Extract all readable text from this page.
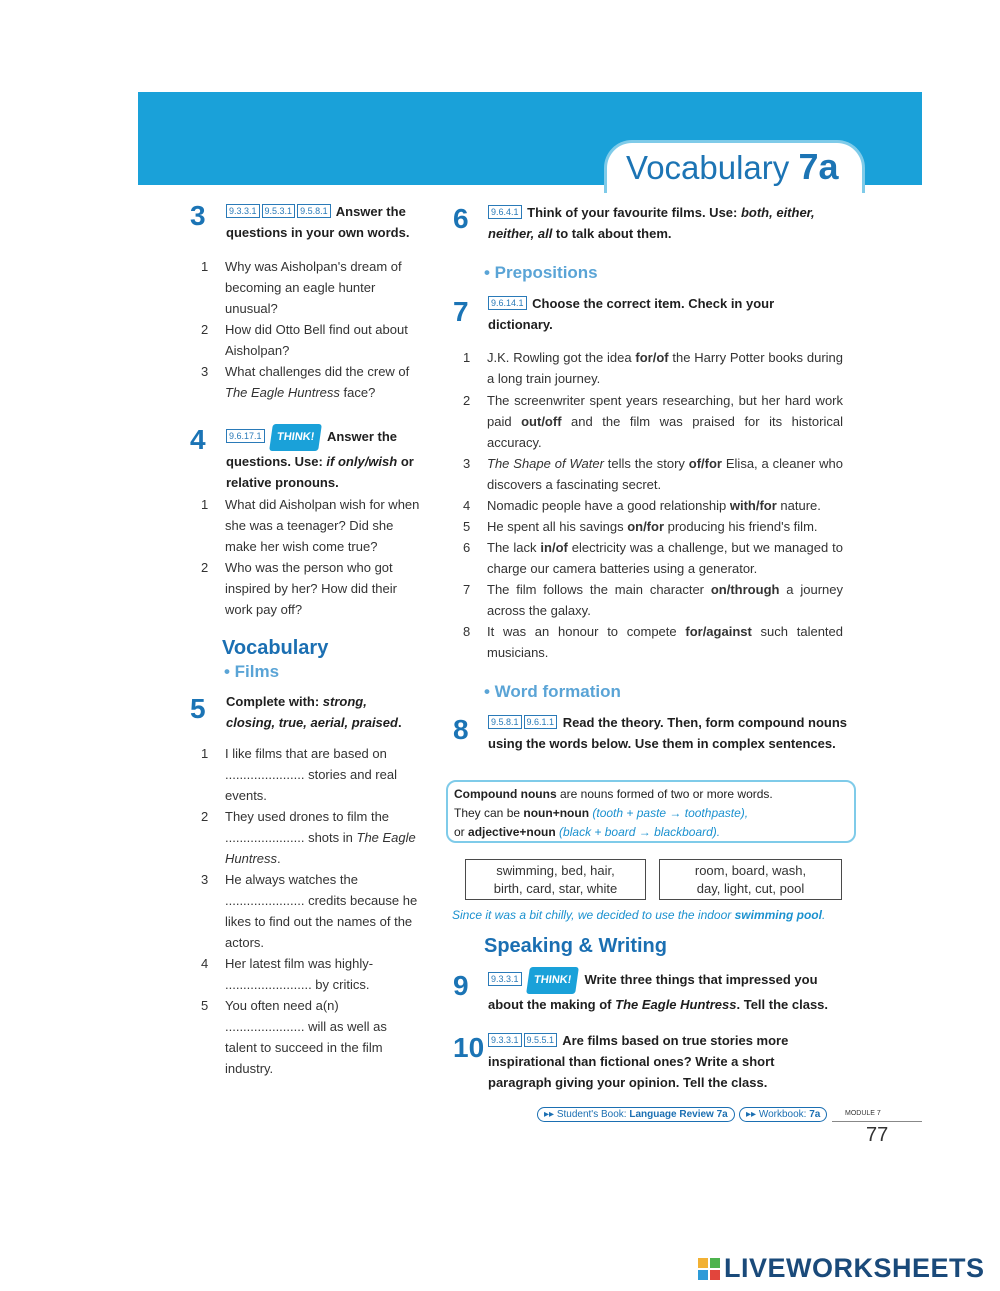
Vocabulary 7a
3	9.3.3.1 9.5.3.1 9.5.8.1 Answer the questions in your own words.
1 Why was Aisholpan's dream of becoming an eagle hunter unusual?
2 How did Otto Bell find out about Aisholpan?
3 What challenges did the crew of The Eagle Huntress face?
4	9.6.17.1 THINK! Answer the questions. Use: if only/wish or relative pronouns.
1 What did Aisholpan wish for when she was a teenager? Did she make her wish come true?
2 Who was the person who got inspired by her? How did their work pay off?
Vocabulary
• Films
5 Complete with: strong, closing, true, aerial, praised.
1 I like films that are based on
...................... stories and real events.
2 They used drones to film the
...................... shots in The Eagle Huntress.
3 He always watches the
...................... credits because he likes to find out the names of the actors.
4 Her latest film was highly-
........................ by critics.
5 You often need a(n)
...................... will as well as talent to succeed in the film industry.
6	9.6.4.1 Think of your favourite films. Use: both, either, neither, all to talk about them.
• Prepositions
7	9.6.14.1 Choose the correct item. Check in your dictionary.
1 J.K. Rowling got the idea for/of the Harry Potter books during a long train journey.
2 The screenwriter spent years researching, but her hard work paid out/off and the film was praised for its historical accuracy.
3 The Shape of Water tells the story of/for Elisa, a cleaner who discovers a fascinating secret.
4 Nomadic people have a good relationship with/for nature.
5 He spent all his savings on/for producing his friend's film.
6 The lack in/of electricity was a challenge, but we managed to charge our camera batteries using a generator.
7 The film follows the main character on/through a journey across the galaxy.
8 It was an honour to compete for/against such talented musicians.
• Word formation
8	9.5.8.1 9.6.1.1 Read the theory. Then, form compound nouns using the words below. Use them in complex sentences.
Compound nouns are nouns formed of two or more words.
They can be noun+noun (tooth + paste → toothpaste),
or adjective+noun (black + board → blackboard).
swimming, bed, hair,
birth, card, star, white
room, board, wash,
day, light, cut, pool
Since it was a bit chilly, we decided to use the indoor swimming pool.
Speaking & Writing
9	9.3.3.1 THINK! Write three things that impressed you about the making of The Eagle Huntress. Tell the class.
10 9.3.3.1 9.5.5.1 Are films based on true stories more inspirational than fictional ones? Write a short paragraph giving your opinion. Tell the class.
▸▸ Student's Book: Language Review 7a	▸▸ Workbook: 7a	MODULE 7
77
LIVEWORKSHEETS
